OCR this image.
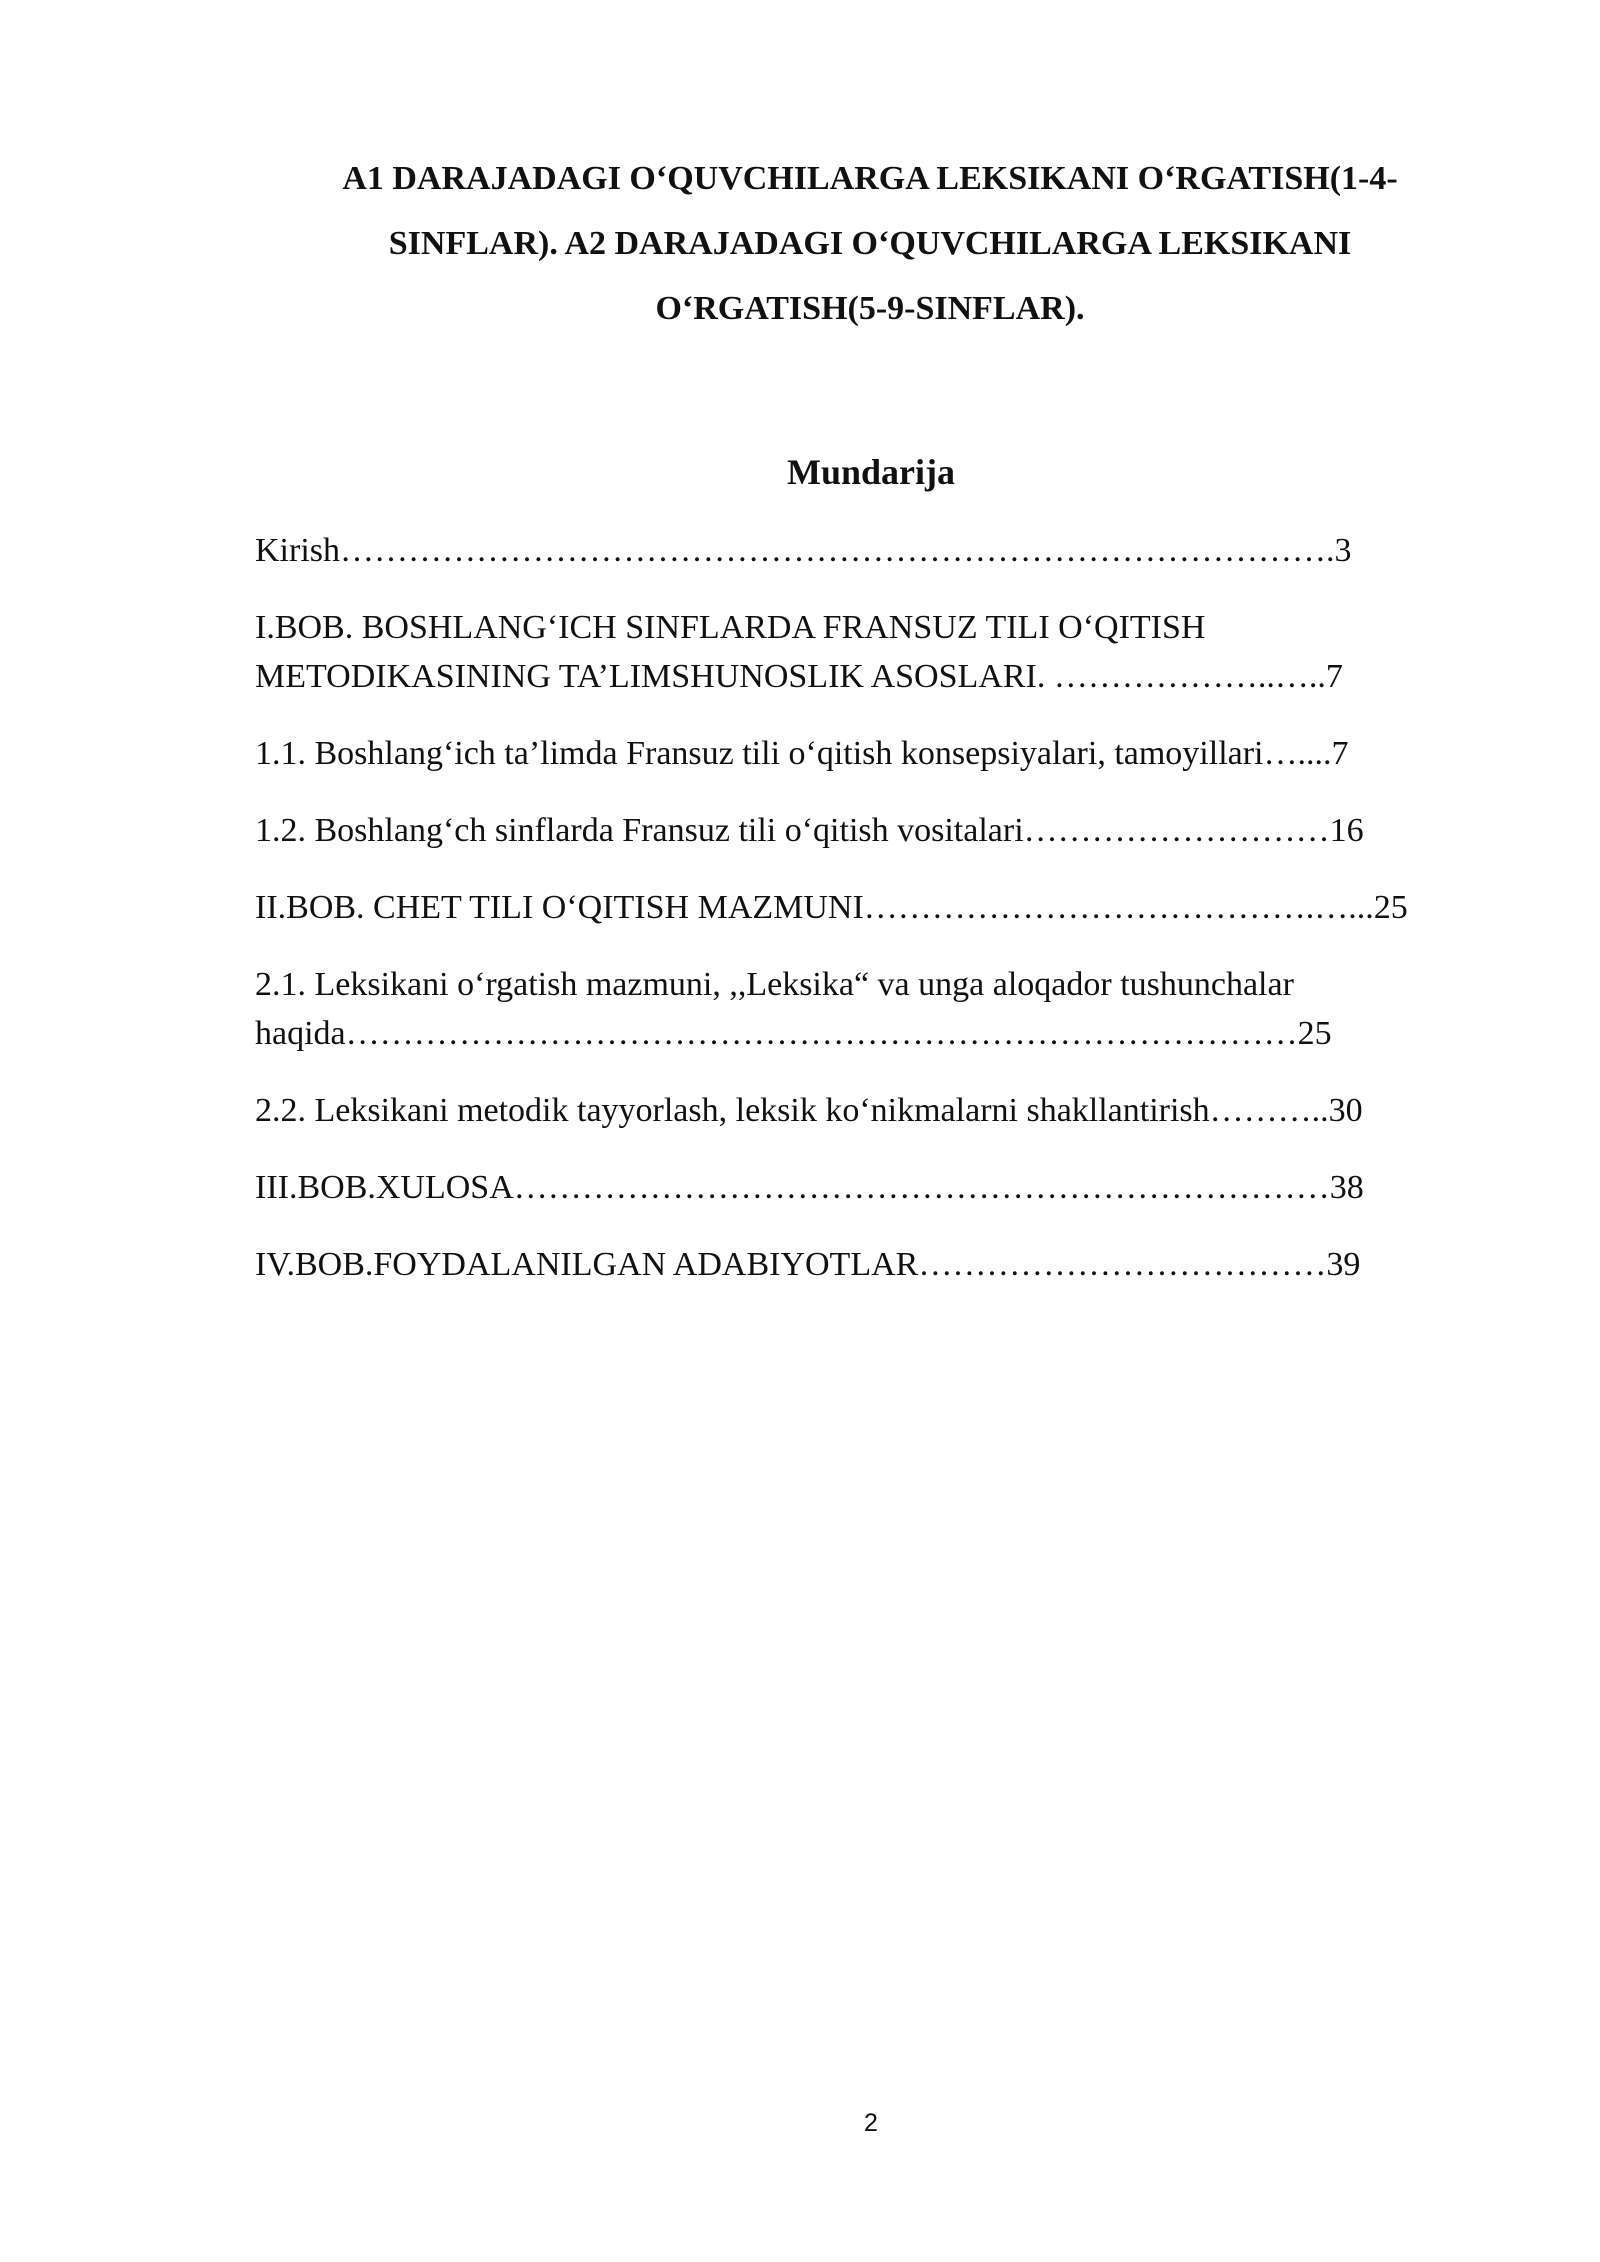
A1 DARAJADAGI O‘QUVCHILARGA LEKSIKANI O‘RGATISH(1-4-SINFLAR). A2 DARAJADAGI O‘QUVCHILARGA LEKSIKANI O‘RGATISH(5-9-SINFLAR).
Mundarija
Kirish…………………………………………………………………………….3
I.BOB. BOSHLANG‘ICH SINFLARDA FRANSUZ TILI O‘QITISH METODIKASINING TA’LIMSHUNOSLIK ASOSLARI. ………………..…..7
1.1. Boshlang‘ich ta’limda Fransuz tili o‘qitish konsepsiyalari, tamoyillari…....7
1.2. Boshlang‘ch sinflarda Fransuz tili o‘qitish vositalari………………………16
II.BOB. CHET TILI O‘QITISH MAZMUNI………………………………….…...25
2.1. Leksikani o‘rgatish mazmuni, ,,Leksika“ va unga aloqador tushunchalar haqida…………………………………………………………………………25
2.2. Leksikani metodik tayyorlash, leksik ko‘nikmalarni shakllantirish………..30
III.BOB.XULOSA………………………………………………………………38
IV.BOB.FOYDALANILGAN ADABIYOTLAR………………………………39
2
